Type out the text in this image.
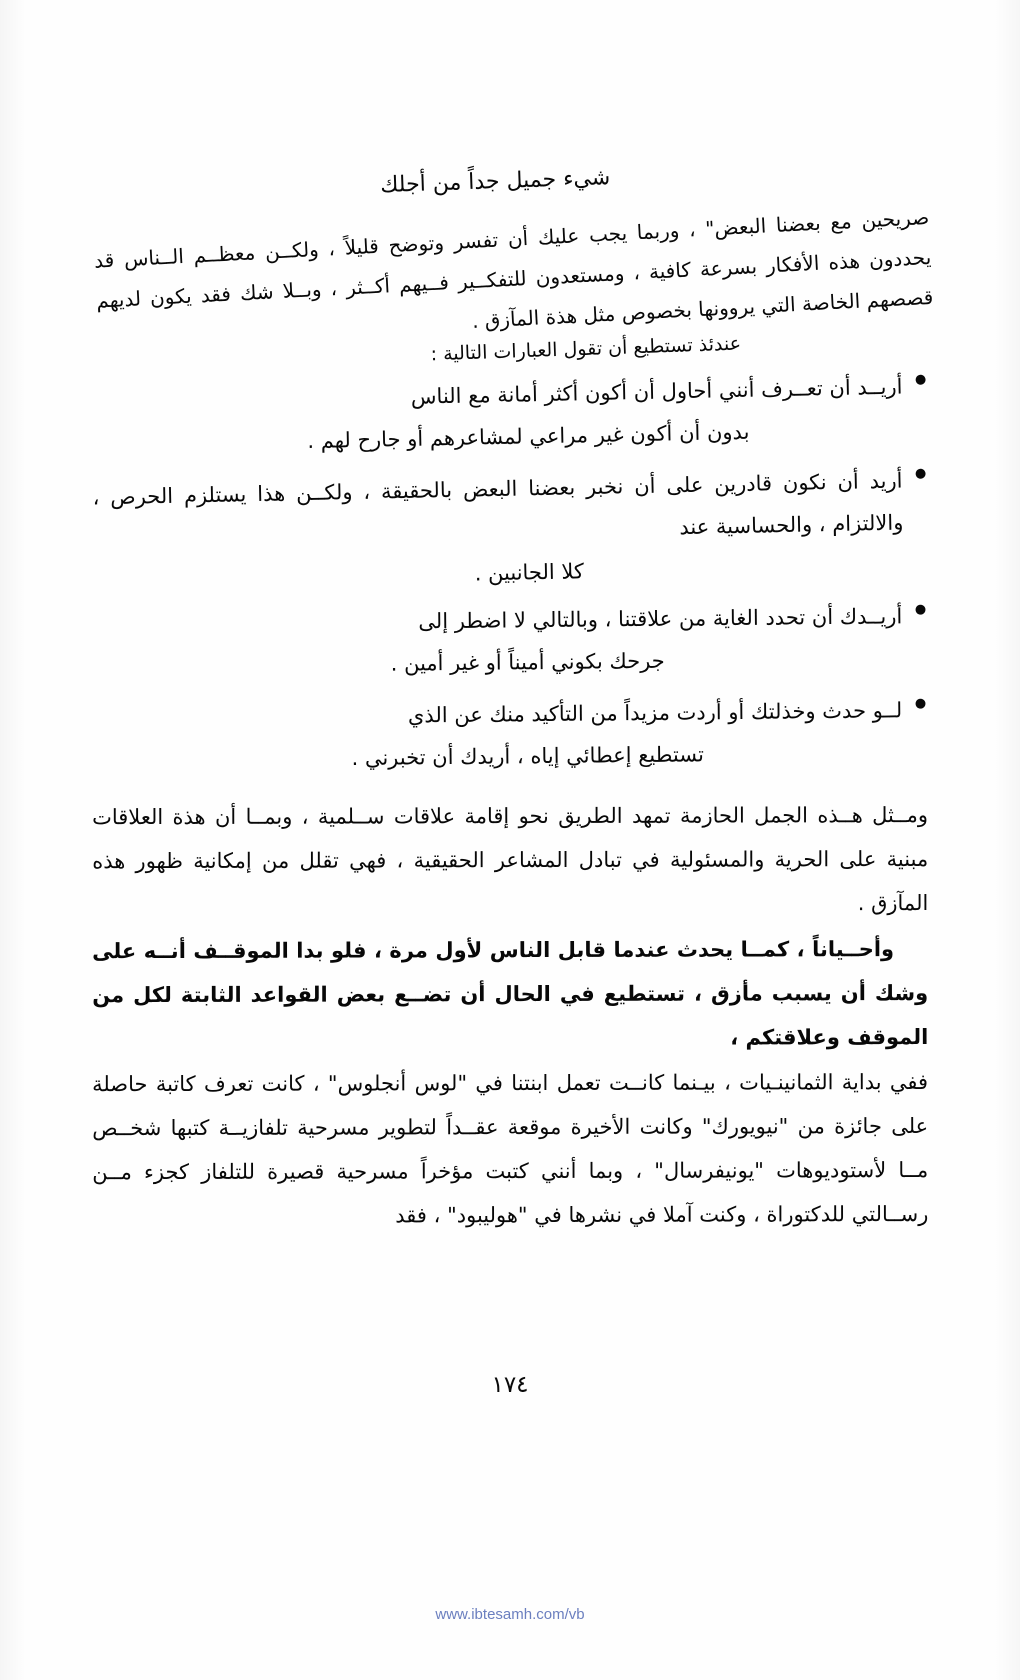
شيء جميل جداً من أجلك

صريحين مع بعضنا البعض" ، وربما يجب عليك أن تفسر وتوضح قليلاً ، ولكــن معظــم الــناس قد يحددون هذه الأفكار بسرعة كافية ، ومستعدون للتفكــير فــيهم أكــثر ، وبــلا شك فقد يكون لديهم قصصهم الخاصة التي يروونها بخصوص مثل هذة المآزق .

عندئذ تستطيع أن تقول العبارات التالية :

● أريــد أن تعــرف أنني أحاول أن أكون أكثر أمانة مع الناس
بدون أن أكون غير مراعي لمشاعرهم أو جارح لهم .
● أريد أن نكون قادرين على أن نخبر بعضنا البعض بالحقيقة ، ولكــن هذا يستلزم الحرص ، والالتزام ، والحساسية عند
كلا الجانبين .
● أريــدك أن تحدد الغاية من علاقتنا ، وبالتالي لا اضطر إلى
جرحك بكوني أميناً أو غير أمين .
● لــو حدث وخذلتك أو أردت مزيداً من التأكيد منك عن الذي
تستطيع إعطائي إياه ، أريدك أن تخبرني .

ومــثل هــذه الجمل الحازمة تمهد الطريق نحو إقامة علاقات ســلمية ، وبمــا أن هذة العلاقات مبنية على الحرية والمسئولية في تبادل المشاعر الحقيقية ، فهي تقلل من إمكانية ظهور هذه المآزق .

وأحــياناً ، كمــا يحدث عندما قابل الناس لأول مرة ، فلو بدا الموقــف أنــه على وشك أن يسبب مأزق ، تستطيع في الحال أن تضــع بعض القواعد الثابتة لكل من الموقف وعلاقتكم ،

ففي بداية الثمانينـيات ، بيـنما كانــت تعمل ابنتنا في "لوس أنجلوس" ، كانت تعرف كاتبة حاصلة على جائزة من "نيويورك" وكانت الأخيرة موقعة عقــداً لتطوير مسرحية تلفازيــة كتبها شخــص مــا لأستوديوهات "يونيفرسال" ، وبما أنني كتبت مؤخراً مسرحية قصيرة للتلفاز كجزء مــن رســالتي للدكتوراة ، وكنت آملا في نشرها في "هوليبود" ، فقد

١٧٤
www.ibtesamh.com/vb
